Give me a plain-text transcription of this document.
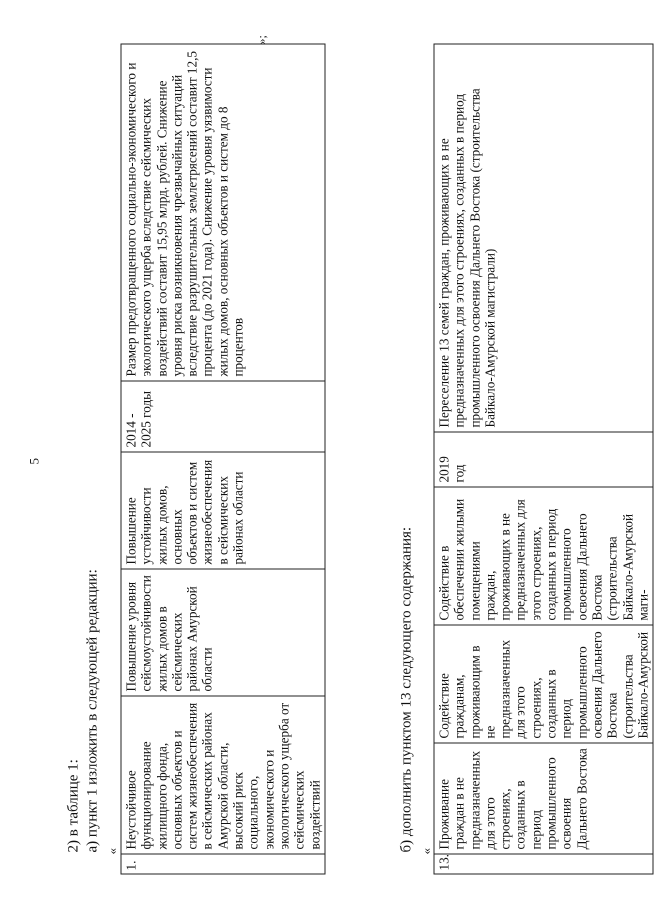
5
2) в таблице 1: а) пункт 1 изложить в следующей редакции: «
1.	Неустойчивое функционирование жилищного фонда, основных объектов и систем жизнеобеспечения в сейсмических районах Амурской области, высокий риск социального, экономического и экологического ущерба от сейсмических воздействий	Повышение уровня сейсмоустойчивости жилых домов в сейсмических районах Амурской области	Повышение устойчивости жилых домов, основных объектов и систем жизнеобеспечения в сейсмических районах области	2014 - 2025 годы	Размер предотвращенного социально-экономического и экологического ущерба вследствие сейсмических воздействий составит 15,95 млрд. рублей. Снижение уровня риска возникновения чрезвычайных ситуаций вследствие разрушительных землетрясений составит 12,5 процента (до 2021 года). Снижение уровня уязвимости жилых домов, основных объектов и систем до 8 процентов
»;
б) дополнить пунктом 13 следующего содержания: «
13.	Проживание граждан в не предназначенных для этого строениях, созданных в период промышленного освоения Дальнего Востока	Содействие гражданам, проживающим в не предназначенных для этого строениях, созданных в период промышленного освоения Дальнего Востока (строительства Байкало-Амурской	Содействие в обеспечении жилыми помещениями граждан, проживающих в не предназначенных для этого строениях, созданных в период промышленного освоения Дальнего Востока (строительства Байкало-Амурской маги-	2019 год	Переселение 13 семей граждан, проживающих в не предназначенных для этого строениях, созданных в период промышленного освоения Дальнего Востока (строительства Байкало-Амурской магистрали)
